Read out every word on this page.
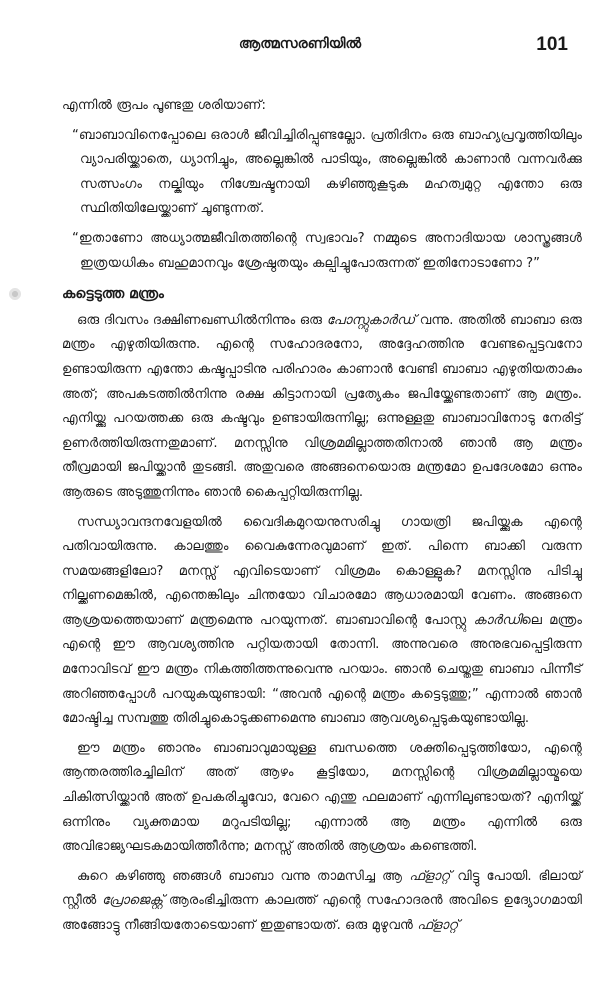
ആത്മസരണിയിൽ	101

എന്നിൽ രൂപം പൂണ്ടതു ശരിയാണ്:

“ബാബാവിനെപ്പോലെ ഒരാൾ ജീവിച്ചിരിപ്പുണ്ടല്ലോ. പ്രതിദിനം ഒരു ബാഹ്യപ്രവൃത്തിയിലും വ്യാപരിയ്ക്കാതെ, ധ്യാനിച്ചും, അല്ലെങ്കിൽ പാടിയും, അല്ലെങ്കിൽ കാണാൻ വന്നവർക്കു സത്സംഗം നല്കിയും നിശ്ചേഷ്ടനായി കഴിഞ്ഞുകൂടുക മഹത്വമുറ്റ എന്തോ ഒരു സ്ഥിതിയിലേയ്ക്കാണ് ചൂണ്ടുന്നത്.

“ഇതാണോ അധ്യാത്മജീവിതത്തിന്റെ സ്വഭാവം? നമ്മുടെ അനാദിയായ ശാസ്ത്രങ്ങൾ ഇത്രയധികം ബഹുമാനവും ശ്രേഷ്ഠതയും കല്പിച്ചുപോരുന്നത് ഇതിനോടാണോ ?”

കട്ടെടുത്ത മന്ത്രം

ഒരു ദിവസം ദക്ഷിണഖണ്ഡിൽനിന്നും ഒരു പോസ്റ്റുകാർഡ് വന്നു. അതിൽ ബാബാ ഒരു മന്ത്രം എഴുതിയിരുന്നു. എന്റെ സഹോദരനോ, അദ്ദേഹത്തിനു വേണ്ടപ്പെട്ടവനോ ഉണ്ടായിരുന്ന എന്തോ കഷ്ടപ്പാടിനു പരിഹാരം കാണാൻ വേണ്ടി ബാബാ എഴുതിയതാകും അത്; അപകടത്തിൽനിന്നു രക്ഷ കിട്ടാനായി പ്രത്യേകം ജപിയ്ക്കേണ്ടതാണ് ആ മന്ത്രം. എനിയ്ക്കു പറയത്തക്ക ഒരു കഷ്ടവും ഉണ്ടായിരുന്നില്ല; ഒന്നുള്ളതു ബാബാവിനോടു നേരിട്ട് ഉണർത്തിയിരുന്നതുമാണ്. മനസ്സിനു വിശ്രമമില്ലാത്തതിനാൽ ഞാൻ ആ മന്ത്രം തീവ്രമായി ജപിയ്ക്കാൻ തുടങ്ങി. അതുവരെ അങ്ങനെയൊരു മന്ത്രമോ ഉപദേശമോ ഒന്നും ആരുടെ അടുത്തുനിന്നും ഞാൻ കൈപ്പറ്റിയിരുന്നില്ല.

സന്ധ്യാവന്ദനവേളയിൽ വൈദികമുറയനുസരിച്ചു ഗായത്രി ജപിയ്ക്കുക എന്റെ പതിവായിരുന്നു. കാലത്തും വൈകുന്നേരവുമാണ് ഇത്. പിന്നെ ബാക്കി വരുന്ന സമയങ്ങളിലോ? മനസ്സ് എവിടെയാണ് വിശ്രമം കൊള്ളുക? മനസ്സിനു പിടിച്ചു നില്ക്കണമെങ്കിൽ, എന്തെങ്കിലും ചിന്തയോ വിചാരമോ ആധാരമായി വേണം. അങ്ങനെ ആശ്രയത്തെയാണ് മന്ത്രമെന്നു പറയുന്നത്. ബാബാവിന്റെ പോസ്റ്റു കാർഡിലെ മന്ത്രം എന്റെ ഈ ആവശ്യത്തിനു പറ്റിയതായി തോന്നി. അന്നുവരെ അനുഭവപ്പെട്ടിരുന്ന മനോവിടവ് ഈ മന്ത്രം നികത്തിത്തന്നുവെന്നു പറയാം. ഞാൻ ചെയ്തതു ബാബാ പിന്നീട് അറിഞ്ഞപ്പോൾ പറയുകയുണ്ടായി: “അവൻ എന്റെ മന്ത്രം കട്ടെടുത്തു;” എന്നാൽ ഞാൻ മോഷ്ടിച്ച സമ്പത്തു തിരിച്ചുകൊടുക്കണമെന്നു ബാബാ ആവശ്യപ്പെടുകയുണ്ടായില്ല.

ഈ മന്ത്രം ഞാനും ബാബാവുമായുള്ള ബന്ധത്തെ ശക്തിപ്പെടുത്തിയോ, എന്റെ ആന്തരത്തിരച്ചിലിന് അത് ആഴം കൂട്ടിയോ, മനസ്സിന്റെ വിശ്രമമില്ലായ്മയെ ചികിത്സിയ്ക്കാൻ അത് ഉപകരിച്ചുവോ, വേറെ എന്തു ഫലമാണ് എന്നിലുണ്ടായത്? എനിയ്ക്ക് ഒന്നിനും വ്യക്തമായ മറുപടിയില്ല; എന്നാൽ ആ മന്ത്രം എന്നിൽ ഒരു അവിഭാജ്യഘടകമായിത്തീർന്നു; മനസ്സ് അതിൽ ആശ്രയം കണ്ടെത്തി.

കുറെ കഴിഞ്ഞു ഞങ്ങൾ ബാബാ വന്നു താമസിച്ച ആ ഫ്ളാറ്റ് വിട്ടു പോയി. ഭിലായ് സ്റ്റീൽ പ്രോജെക്റ്റ് ആരംഭിച്ചിരുന്ന കാലത്ത് എന്റെ സഹോദരൻ അവിടെ ഉദ്യോഗമായി അങ്ങോട്ടു നീങ്ങിയതോടെയാണ് ഇതുണ്ടായത്. ഒരു മുഴുവൻ ഫ്ളാറ്റ്
